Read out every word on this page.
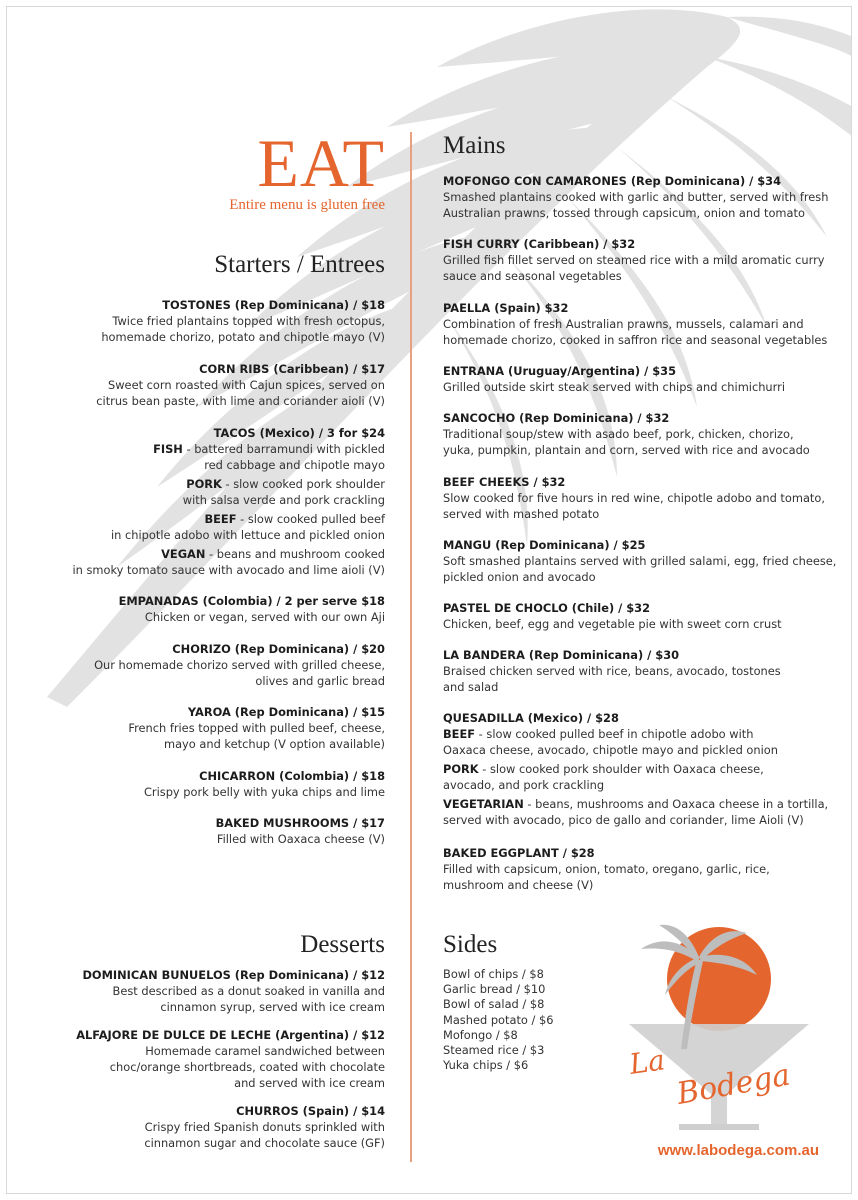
EAT
Entire menu is gluten free
Starters / Entrees
Mains
Desserts Sides
TOSTONES (Rep Dominicana) / $18
Twice fried plantains topped with fresh octopus,
homemade chorizo, potato and chipotle mayo (V)
CORN RIBS (Caribbean) / $17
Sweet corn roasted with Cajun spices, served on
citrus bean paste, with lime and coriander aioli (V)
TACOS (Mexico) / 3 for $24
FISH - battered barramundi with pickled
red cabbage and chipotle mayo
PORK - slow cooked pork shoulder
with salsa verde and pork crackling
BEEF - slow cooked pulled beef
in chipotle adobo with lettuce and pickled onion
VEGAN - beans and mushroom cooked
in smoky tomato sauce with avocado and lime aioli (V)
EMPANADAS (Colombia) / 2 per serve $18
Chicken or vegan, served with our own Aji
CHORIZO (Rep Dominicana) / $20
Our homemade chorizo served with grilled cheese,
olives and garlic bread
YAROA (Rep Dominicana) / $15
French fries topped with pulled beef, cheese,
mayo and ketchup (V option available)
CHICARRON (Colombia) / $18
Crispy pork belly with yuka chips and lime
BAKED MUSHROOMS / $17
Filled with Oaxaca cheese (V)
MOFONGO CON CAMARONES (Rep Dominicana) / $34
Smashed plantains cooked with garlic and butter, served with fresh
Australian prawns, tossed through capsicum, onion and tomato
FISH CURRY (Caribbean) / $32
Grilled fish fillet served on steamed rice with a mild aromatic curry
sauce and seasonal vegetables
PAELLA (Spain) $32
Combination of fresh Australian prawns, mussels, calamari and
homemade chorizo, cooked in saffron rice and seasonal vegetables
ENTRANA (Uruguay/Argentina) / $35
Grilled outside skirt steak served with chips and chimichurri
SANCOCHO (Rep Dominicana) / $32
Traditional soup/stew with asado beef, pork, chicken, chorizo,
yuka, pumpkin, plantain and corn, served with rice and avocado
BEEF CHEEKS / $32
Slow cooked for five hours in red wine, chipotle adobo and tomato,
served with mashed potato
MANGU (Rep Dominicana) / $25
Soft smashed plantains served with grilled salami, egg, fried cheese,
pickled onion and avocado
PASTEL DE CHOCLO (Chile) / $32
Chicken, beef, egg and vegetable pie with sweet corn crust
LA BANDERA (Rep Dominicana) / $30
Braised chicken served with rice, beans, avocado, tostones
and salad
QUESADILLA (Mexico) / $28
BEEF - slow cooked pulled beef in chipotle adobo with
Oaxaca cheese, avocado, chipotle mayo and pickled onion
PORK - slow cooked pork shoulder with Oaxaca cheese,
avocado, and pork crackling
VEGETARIAN - beans, mushrooms and Oaxaca cheese in a tortilla,
served with avocado, pico de gallo and coriander, lime Aioli (V)
BAKED EGGPLANT / $28
Filled with capsicum, onion, tomato, oregano, garlic, rice,
mushroom and cheese (V)
DOMINICAN BUNUELOS (Rep Dominicana) / $12
Best described as a donut soaked in vanilla and
cinnamon syrup, served with ice cream
ALFAJORE DE DULCE DE LECHE (Argentina) / $12
Homemade caramel sandwiched between
choc/orange shortbreads, coated with chocolate
and served with ice cream
CHURROS (Spain) / $14
Crispy fried Spanish donuts sprinkled with
cinnamon sugar and chocolate sauce (GF)
Bowl of chips / $8
Garlic bread / $10
Bowl of salad / $8
Mashed potato / $6
Mofongo / $8
Steamed rice / $3
Yuka chips / $6	La Bodega
www.labodega.com.au
